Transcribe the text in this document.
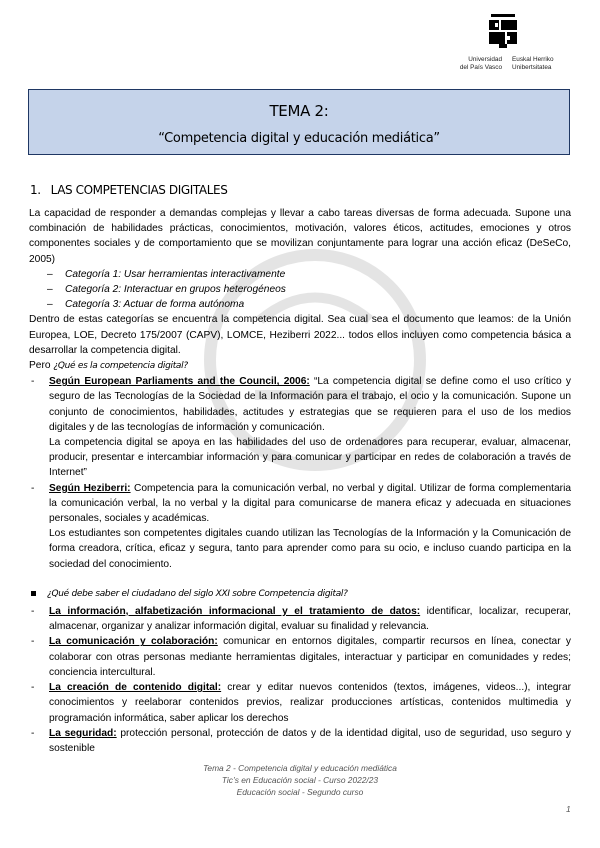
Universidad
del País Vasco
Euskal Herriko
Unibertsitatea
TEMA 2:
“Competencia digital y educación mediática”
1. LAS COMPETENCIAS DIGITALES

La capacidad de responder a demandas complejas y llevar a cabo tareas diversas de forma adecuada. Supone una combinación de habilidades prácticas, conocimientos, motivación, valores éticos, actitudes, emociones y otros componentes sociales y de comportamiento que se movilizan conjuntamente para lograr una acción eficaz (DeSeCo, 2005)

– Categoría 1: Usar herramientas interactivamente
– Categoría 2: Interactuar en grupos heterogéneos
– Categoría 3: Actuar de forma autónoma

Dentro de estas categorías se encuentra la competencia digital. Sea cual sea el documento que leamos: de la Unión Europea, LOE, Decreto 175/2007 (CAPV), LOMCE, Heziberri 2022... todos ellos incluyen como competencia básica a desarrollar la competencia digital.

Pero ¿Qué es la competencia digital?

- Según European Parliaments and the Council, 2006: “La competencia digital se define como el uso crítico y seguro de las Tecnologías de la Sociedad de la Información para el trabajo, el ocio y la comunicación. Supone un conjunto de conocimientos, habilidades, actitudes y estrategias que se requieren para el uso de los medios digitales y de las tecnologías de información y comunicación.

La competencia digital se apoya en las habilidades del uso de ordenadores para recuperar, evaluar, almacenar, producir, presentar e intercambiar información y para comunicar y participar en redes de colaboración a través de Internet”

- Según Heziberri: Competencia para la comunicación verbal, no verbal y digital. Utilizar de forma complementaria la comunicación verbal, la no verbal y la digital para comunicarse de manera eficaz y adecuada en situaciones personales, sociales y académicas.

Los estudiantes son competentes digitales cuando utilizan las Tecnologías de la Información y la Comunicación de forma creadora, crítica, eficaz y segura, tanto para aprender como para su ocio, e incluso cuando participa en la sociedad del conocimiento.

¿Qué debe saber el ciudadano del siglo XXI sobre Competencia digital?
- La información, alfabetización informacional y el tratamiento de datos: identificar, localizar, recuperar, almacenar, organizar y analizar información digital, evaluar su finalidad y relevancia.
- La comunicación y colaboración: comunicar en entornos digitales, compartir recursos en línea, conectar y colaborar con otras personas mediante herramientas digitales, interactuar y participar en comunidades y redes; conciencia intercultural.
- La creación de contenido digital: crear y editar nuevos contenidos (textos, imágenes, videos...), integrar conocimientos y reelaborar contenidos previos, realizar producciones artísticas, contenidos multimedia y programación informática, saber aplicar los derechos
- La seguridad: protección personal, protección de datos y de la identidad digital, uso de seguridad, uso seguro y sostenible
Tema 2 - Competencia digital y educación mediática
Tic’s en Educación social - Curso 2022/23
Educación social - Segundo curso
1
